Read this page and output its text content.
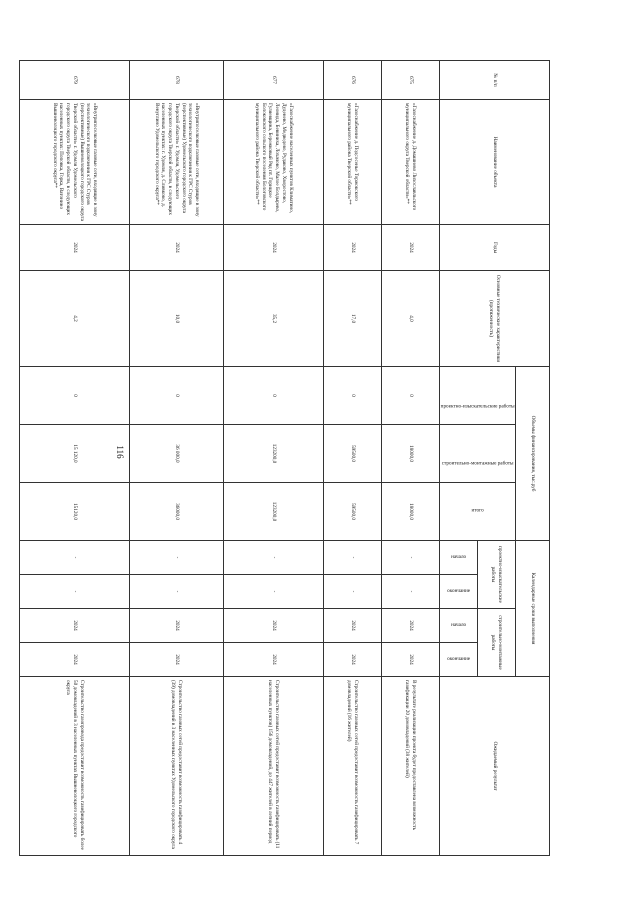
116
№ п/п	Наименование объекта	Годы	Основные технические характеристики (протяженность)	Объемы финансирования, тыс.руб			Календарные сроки выполнения				Ожидаемый результат
				проектно-изыскательские работы	строительно-монтажные работы	итого	проектно-изыскательские работы		строительно-монтажные работы		
							начало	окончание	начало	окончание	
675	«Газоснабжение д. Домашнево Лихославльского муниципального округа Тверской области»**	2024	4,0	0	18000,0	18000,0	-	-	2024	2024	В результате реализации проекта будет предоставлена возможность газификации 20 домовладений (38 жителей)
676	«Газоснабжение д. Подсосенье Торжокского муниципального района Тверской области»**	2024	17,0	0	59500,0	59500,0	-	-	2024	2024	Строительство газовых сетей предоставит возможность газифицировать 7 домовладений (16 жителей)
677	«Газоснабжение населенных пунктов Климатино, Дуденево, Медведево, Рудаково, Хворостово, Леонида, Бевиниха, Лохачово, Малое Болдырево, Гуляевщина, Бережковый Ряд пт. Горицкое Болоковского сельского поселения Бологовского муниципального района Тверской области»**	2024	35,2	0	123200,0	123200,0	-	-	2024	2024	Строительство газовых сетей предоставит возможность газифицировать (11 населенных пунктов) 156 домовладений, до 447 жителей в летний период
678	«Внутрипоселковые газовые сети, входящие в зону технологического подключения к ГРС Стуров (перспективные) Удомельского городского округа Тверской области» г. Удомля, Удомельского городского округа Тверской области, в следующих населенных пунктах: г. Удомля, д. Сливково, д. Венуглино Удомельского городского округа**	2024	10,0	0	36 000,0	36000,0	-	-	2024	2024	Строительство газовых сетей предоставит возможность газифицировать 4 (39) домовладений в 3 населенных пунктах Удомельского городского округа
679	«Внутрипоселковые газовые сети, входящие в зону технологического подключения к ГРС Стуров (перспективные) Вышневолоцкого городского округа Тверской области» г. Удомля Удомельского городского округа Тверской области, в следующих населенных пунктах: Поповка, Горка, Ватонино Вышневолоцкого городского округа**	2024	4,2	0	15 120,0	15120,0	-	-	2024	2024	Строительство газопровода предоставит возможность газифицировать более 50 домовладений в 3 населенных пунктах Вышневолоцкого городского округа
